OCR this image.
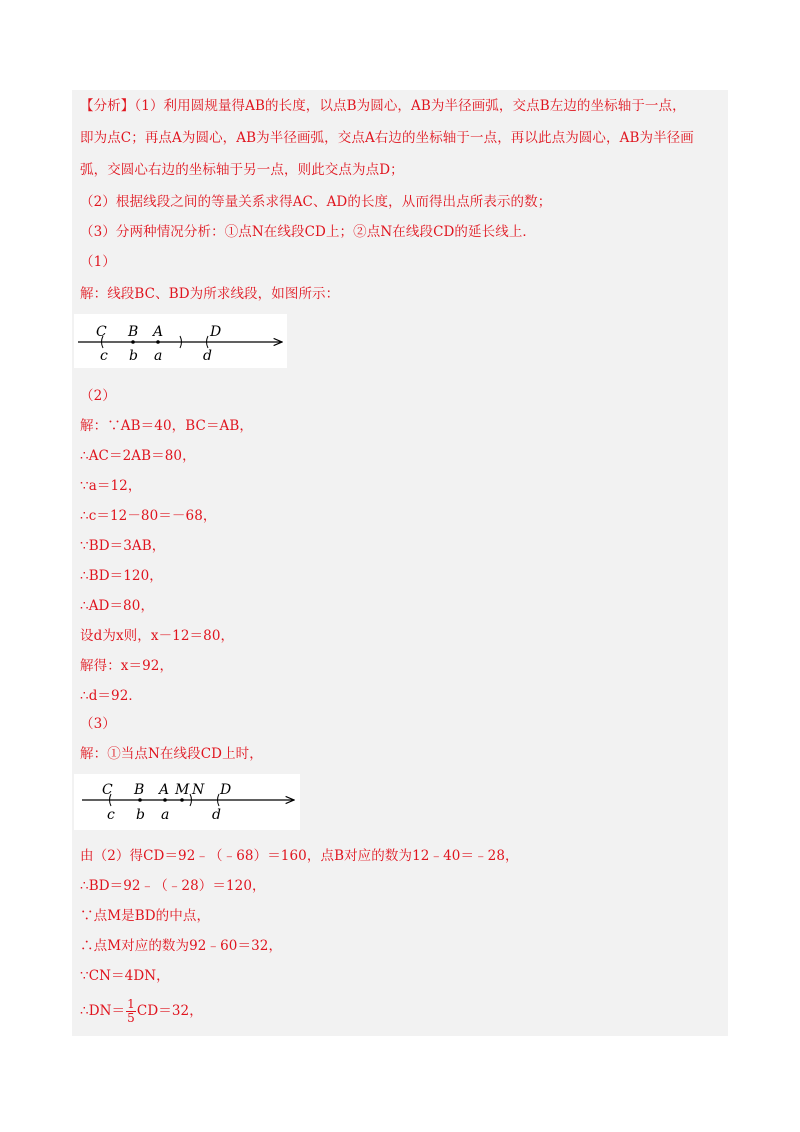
【分析】（1）利用圆规量得AB的长度，以点B为圆心，AB为半径画弧，交点B左边的坐标轴于一点，
即为点C；再点A为圆心，AB为半径画弧，交点A右边的坐标轴于一点，再以此点为圆心，AB为半径画
弧，交圆心右边的坐标轴于另一点，则此交点为点D；
（2）根据线段之间的等量关系求得AC、AD的长度，从而得出点所表示的数；
（3）分两种情况分析：①点N在线段CD上；②点N在线段CD的延长线上．
（1）
解：线段BC、BD为所求线段，如图所示：
C B A	D
c b a	d
（2）
解：∵AB＝40，BC＝AB，
∴AC＝2AB＝80，
∵a＝12，
∴c＝12－80＝－68，
∵BD＝3AB，
∴BD＝120，
∴AD＝80，
设d为x则，x－12＝80，
解得：x＝92，
∴d＝92．
（3）
解：①当点N在线段CD上时，
C B A M N D
c b a	d
由（2）得CD＝92﹣（﹣68）＝160，点B对应的数为12﹣40＝﹣28，
∴BD＝92﹣（﹣28）＝120，
∵点M是BD的中点，
∴点M对应的数为92﹣60＝32，
∵CN＝4DN，
∴DN＝ $\frac{1}{5} CD=32$，
